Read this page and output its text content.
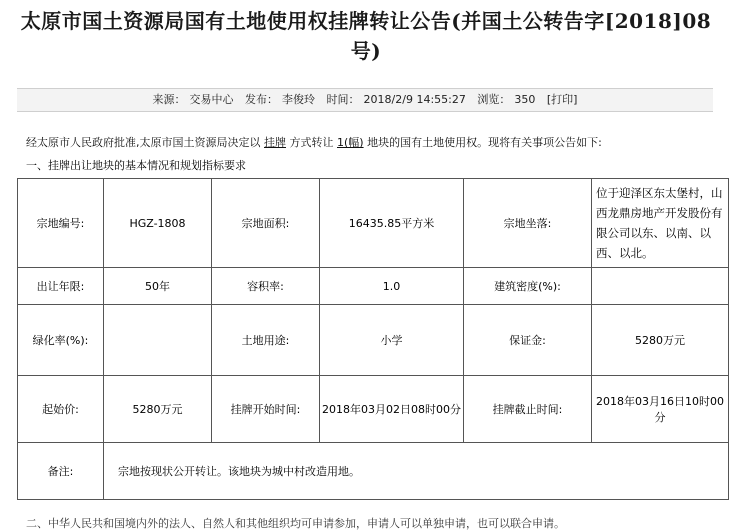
太原市国土资源局国有土地使用权挂牌转让公告(并国土公转告字[2018]08号)
来源： 交易中心 发布： 李俊玲 时间： 2018/2/9 14:55:27 浏览： 350 [打印]
经太原市人民政府批准,太原市国土资源局决定以 挂牌 方式转让 1(幅) 地块的国有土地使用权。现将有关事项公告如下:
一、挂牌出让地块的基本情况和规划指标要求
宗地编号:	HGZ-1808	宗地面积:	16435.85平方米	宗地坐落:	位于迎泽区东太堡村，山西龙鼎房地产开发股份有限公司以东、以南、以西、以北。
出让年限:	50年	容积率:	1.0	建筑密度(%):	
绿化率(%):		土地用途:	小学	保证金:	5280万元
起始价:	5280万元	挂牌开始时间:	2018年03月02日08时00分	挂牌截止时间:	2018年03月16日10时00分
备注:	宗地按现状公开转让。该地块为城中村改造用地。				
二、中华人民共和国境内外的法人、自然人和其他组织均可申请参加，申请人可以单独申请，也可以联合申请。
